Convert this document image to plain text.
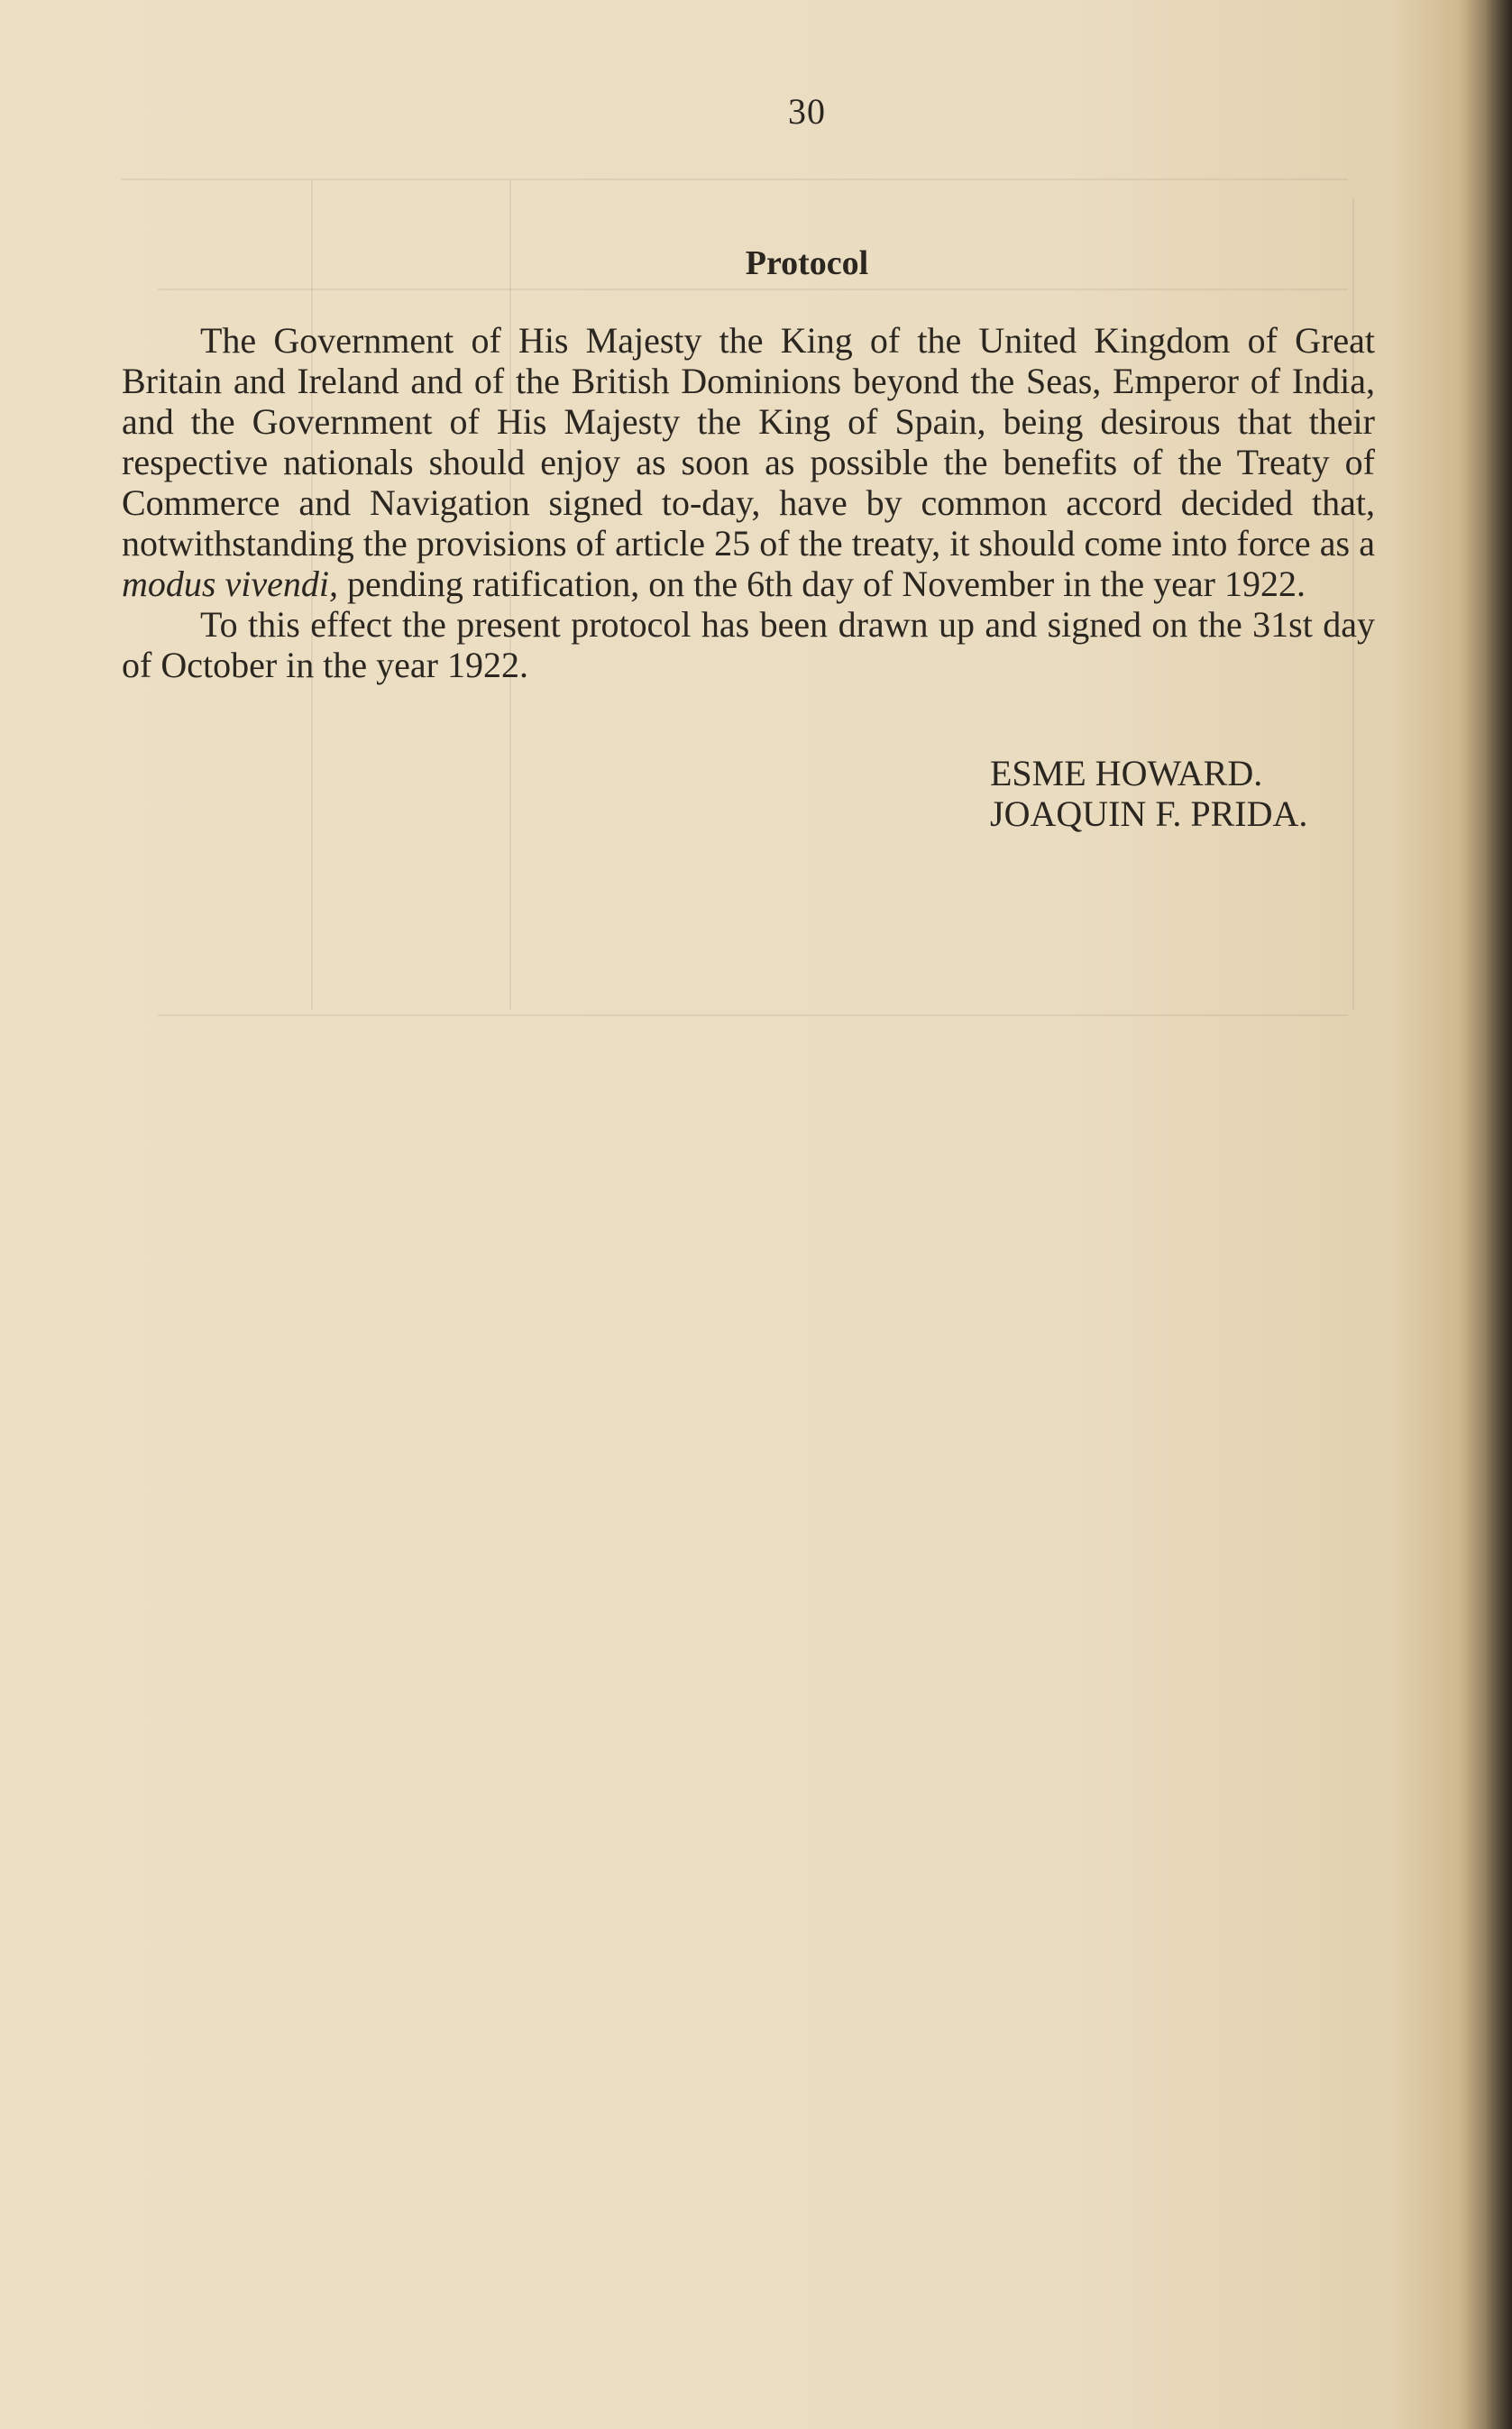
30
Protocol

The Government of His Majesty the King of the United Kingdom of Great Britain and Ireland and of the British Dominions beyond the Seas, Emperor of India, and the Government of His Majesty the King of Spain, being desirous that their respective nationals should enjoy as soon as possible the benefits of the Treaty of Commerce and Navigation signed to-day, have by common accord decided that, notwithstanding the provisions of article 25 of the treaty, it should come into force as a modus vivendi, pending ratification, on the 6th day of November in the year 1922.

To this effect the present protocol has been drawn up and signed on the 31st day of October in the year 1922.

ESME HOWARD.
JOAQUIN F. PRIDA.
